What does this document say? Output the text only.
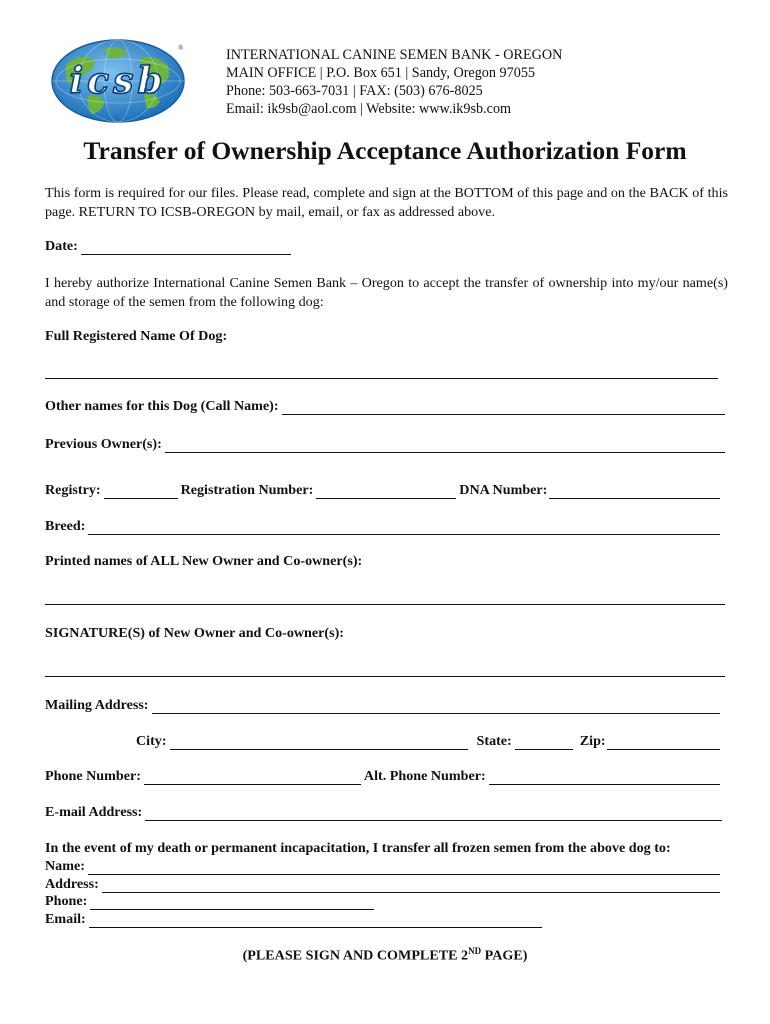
icsb
®	INTERNATIONAL CANINE SEMEN BANK - OREGON
MAIN OFFICE | P.O. Box 651 | Sandy, Oregon 97055
Phone: 503-663-7031 | FAX: (503) 676-8025
Email: ik9sb@aol.com | Website: www.ik9sb.com
Transfer of Ownership Acceptance Authorization Form
This form is required for our files. Please read, complete and sign at the BOTTOM of this page and on the BACK of this page. RETURN TO ICSB-OREGON by mail, email, or fax as addressed above.
Date:
I hereby authorize International Canine Semen Bank – Oregon to accept the transfer of ownership into my/our name(s) and storage of the semen from the following dog:
Full Registered Name Of Dog:
Other names for this Dog (Call Name):
Previous Owner(s):
Registry:	Registration Number:	DNA Number:
Breed:
Printed names of ALL New Owner and Co-owner(s):
SIGNATURE(S) of New Owner and Co-owner(s):
Mailing Address:
City:	State:	Zip:
Phone Number:	Alt. Phone Number:
E-mail Address:
In the event of my death or permanent incapacitation, I transfer all frozen semen from the above dog to:
Name:
Address:
Phone:
Email:
(PLEASE SIGN AND COMPLETE 2ND PAGE)
